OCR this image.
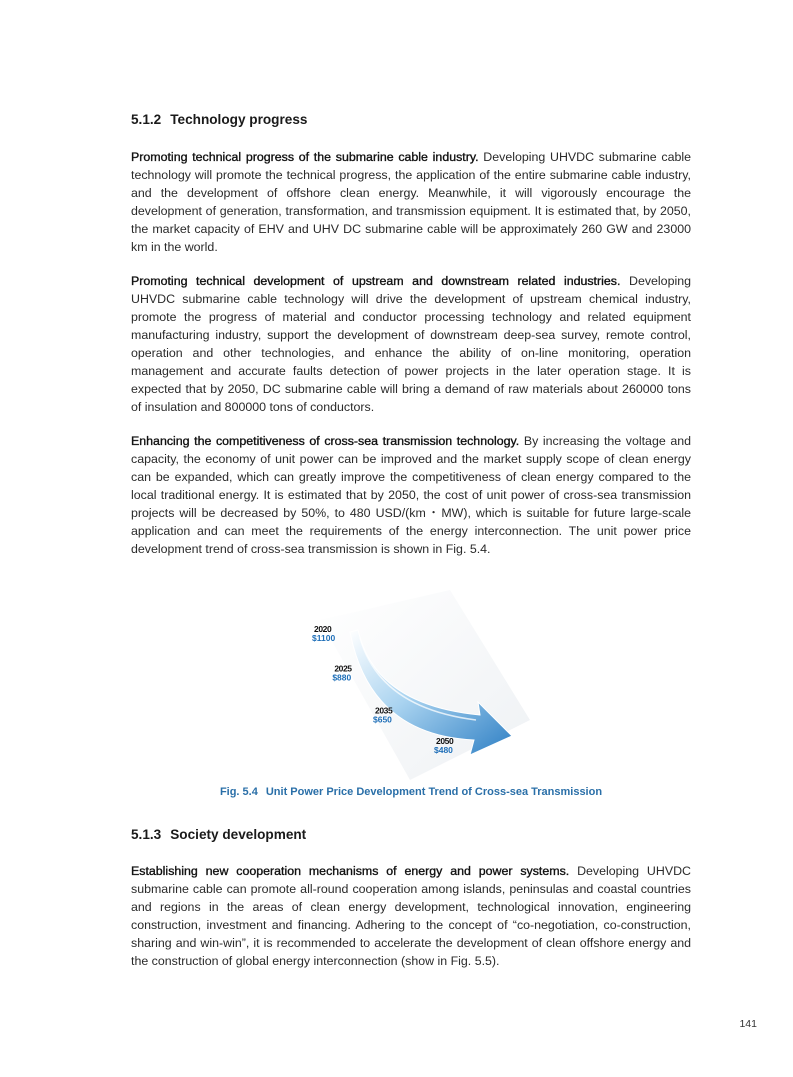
5.1.2 Technology progress

Promoting technical progress of the submarine cable industry. Developing UHVDC submarine cable technology will promote the technical progress, the application of the entire submarine cable industry, and the development of offshore clean energy. Meanwhile, it will vigorously encourage the development of generation, transformation, and transmission equipment. It is estimated that, by 2050, the market capacity of EHV and UHV DC submarine cable will be approximately 260 GW and 23000 km in the world.

Promoting technical development of upstream and downstream related industries. Developing UHVDC submarine cable technology will drive the development of upstream chemical industry, promote the progress of material and conductor processing technology and related equipment manufacturing industry, support the development of downstream deep-sea survey, remote control, operation and other technologies, and enhance the ability of on-line monitoring, operation management and accurate faults detection of power projects in the later operation stage. It is expected that by 2050, DC submarine cable will bring a demand of raw materials about 260000 tons of insulation and 800000 tons of conductors.

Enhancing the competitiveness of cross-sea transmission technology. By increasing the voltage and capacity, the economy of unit power can be improved and the market supply scope of clean energy can be expanded, which can greatly improve the competitiveness of clean energy compared to the local traditional energy. It is estimated that by 2050, the cost of unit power of cross-sea transmission projects will be decreased by 50%, to 480 USD/(km・MW), which is suitable for future large-scale application and can meet the requirements of the energy interconnection. The unit power price development trend of cross-sea transmission is shown in Fig. 5.4.

2020
$1100
2025
$880
2035
$650
2050
$480

Fig. 5.4 Unit Power Price Development Trend of Cross-sea Transmission

5.1.3 Society development

Establishing new cooperation mechanisms of energy and power systems. Developing UHVDC submarine cable can promote all-round cooperation among islands, peninsulas and coastal countries and regions in the areas of clean energy development, technological innovation, engineering construction, investment and financing. Adhering to the concept of “co-negotiation, co-construction, sharing and win-win”, it is recommended to accelerate the development of clean offshore energy and the construction of global energy interconnection (show in Fig. 5.5).

141
